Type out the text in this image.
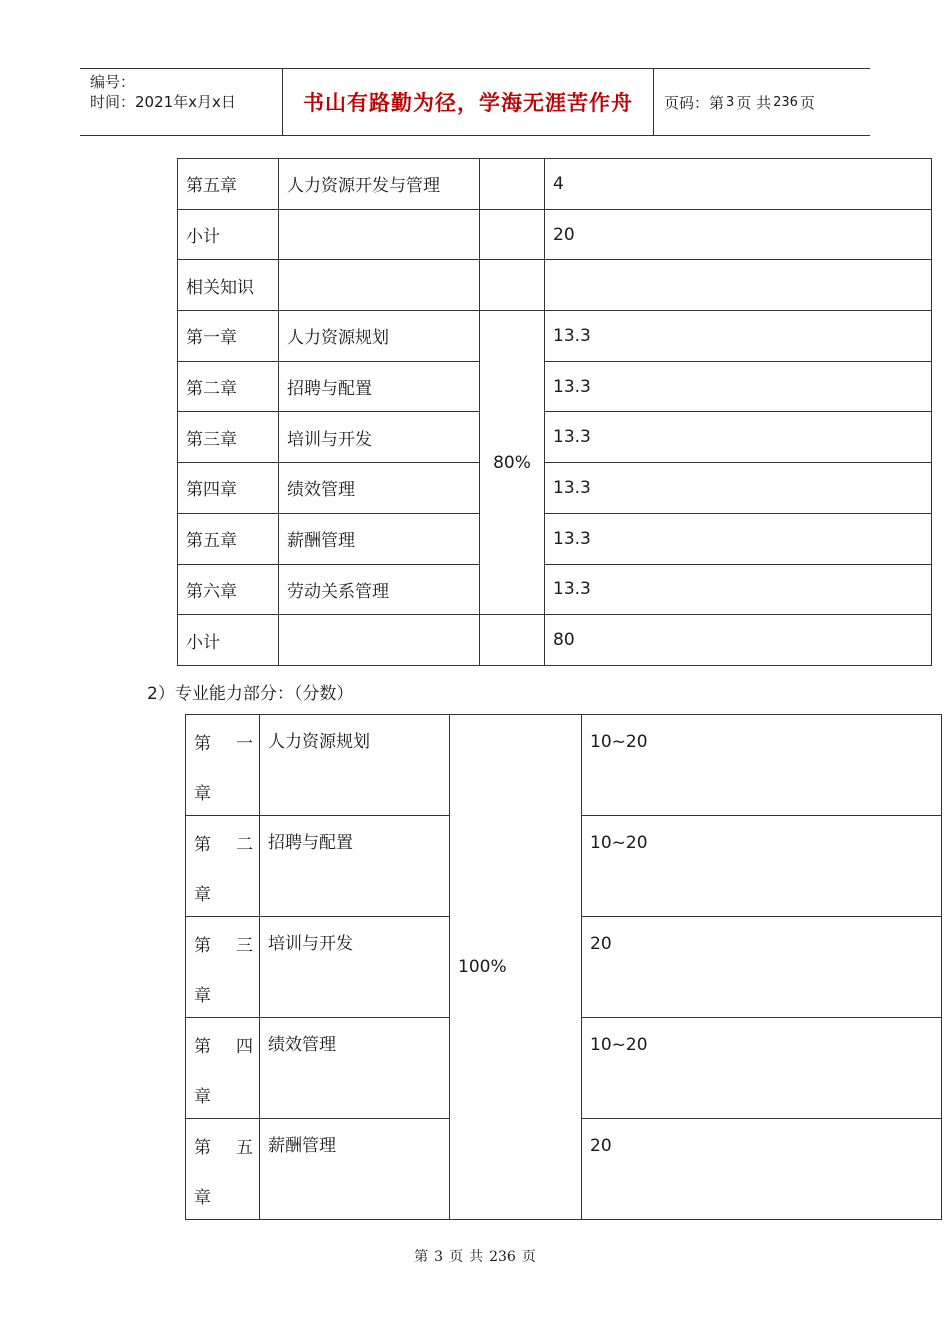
编号：
时间：2021年x月x日	书山有路勤为径，学海无涯苦作舟	页码：第 3 页 共 236 页
第五章	人力资源开发与管理		4
小计			20
相关知识			
第一章	人力资源规划	80%	13.3
第二章	招聘与配置		13.3
第三章	培训与开发		13.3
第四章	绩效管理		13.3
第五章	薪酬管理		13.3
第六章	劳动关系管理		13.3
小计			80
2）专业能力部分：（分数）
第 一
章	人力资源规划	100%	10~20

第 二
章	招聘与配置		10~20

第 三
章	培训与开发		20

第 四
章	绩效管理		10~20

第 五
章	薪酬管理		20
第 3 页 共 236 页
